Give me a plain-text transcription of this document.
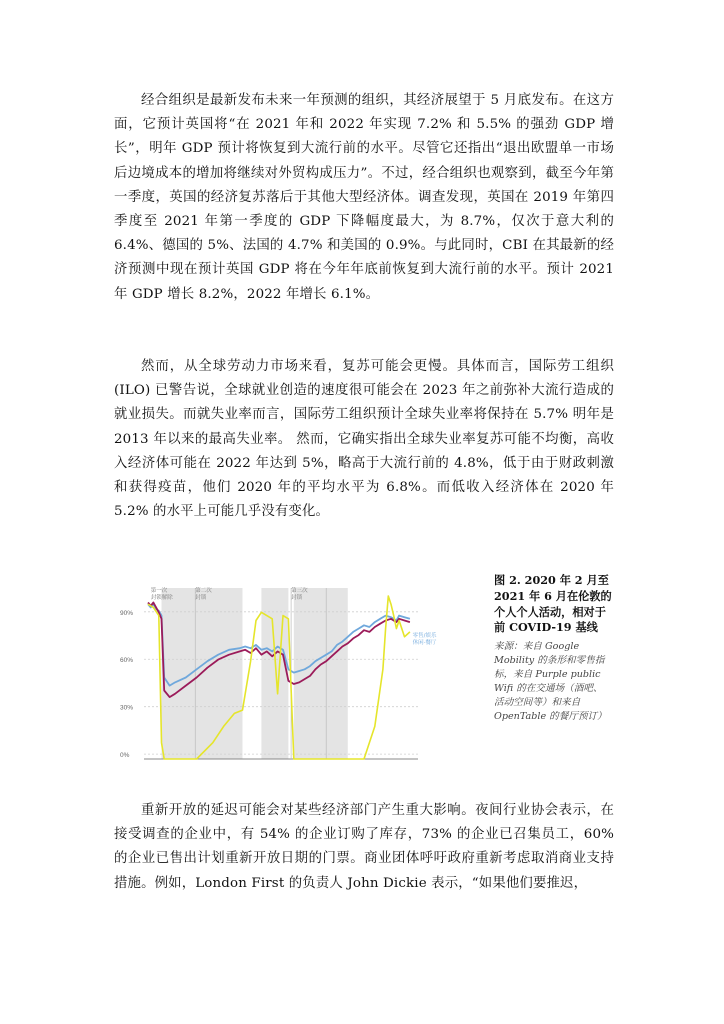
经合组织是最新发布未来一年预测的组织，其经济展望于 5 月底发布。在这方面，它预计英国将“在 2021 年和 2022 年实现 7.2% 和 5.5% 的强劲 GDP 增长”，明年 GDP 预计将恢复到大流行前的水平。尽管它还指出“退出欧盟单一市场后边境成本的增加将继续对外贸构成压力”。不过，经合组织也观察到，截至今年第一季度，英国的经济复苏落后于其他大型经济体。调查发现，英国在 2019 年第四季度至 2021 年第一季度的 GDP 下降幅度最大，为 8.7%，仅次于意大利的 6.4%、德国的 5%、法国的 4.7% 和美国的 0.9%。与此同时，CBI 在其最新的经济预测中现在预计英国 GDP 将在今年年底前恢复到大流行前的水平。预计 2021 年 GDP 增长 8.2%，2022 年增长 6.1%。

然而，从全球劳动力市场来看，复苏可能会更慢。具体而言，国际劳工组织 (ILO) 已警告说，全球就业创造的速度很可能会在 2023 年之前弥补大流行造成的就业损失。而就失业率而言，国际劳工组织预计全球失业率将保持在 5.7% 明年是 2013 年以来的最高失业率。 然而，它确实指出全球失业率复苏可能不均衡，高收入经济体可能在 2022 年达到 5%，略高于大流行前的 4.8%，低于由于财政刺激和获得疫苗，他们 2020 年的平均水平为 6.8%。而低收入经济体在 2020 年 5.2% 的水平上可能几乎没有变化。

90%
60%
30%
0%
第一次封锁解除
第二次封锁
第三次封锁
零售/娱乐休闲·餐厅
图 2. 2020 年 2 月至 2021 年 6 月在伦敦的个人个人活动，相对于前 COVID-19 基线
来源：来自 Google Mobility 的条形和零售指标，来自 Purple public Wifi 的在交通场（酒吧、活动空间等）和来自 OpenTable 的餐厅预订）

重新开放的延迟可能会对某些经济部门产生重大影响。夜间行业协会表示，在接受调查的企业中，有 54% 的企业订购了库存，73% 的企业已召集员工，60% 的企业已售出计划重新开放日期的门票。商业团体呼吁政府重新考虑取消商业支持措施。例如，London First 的负责人 John Dickie 表示，“如果他们要推迟，
